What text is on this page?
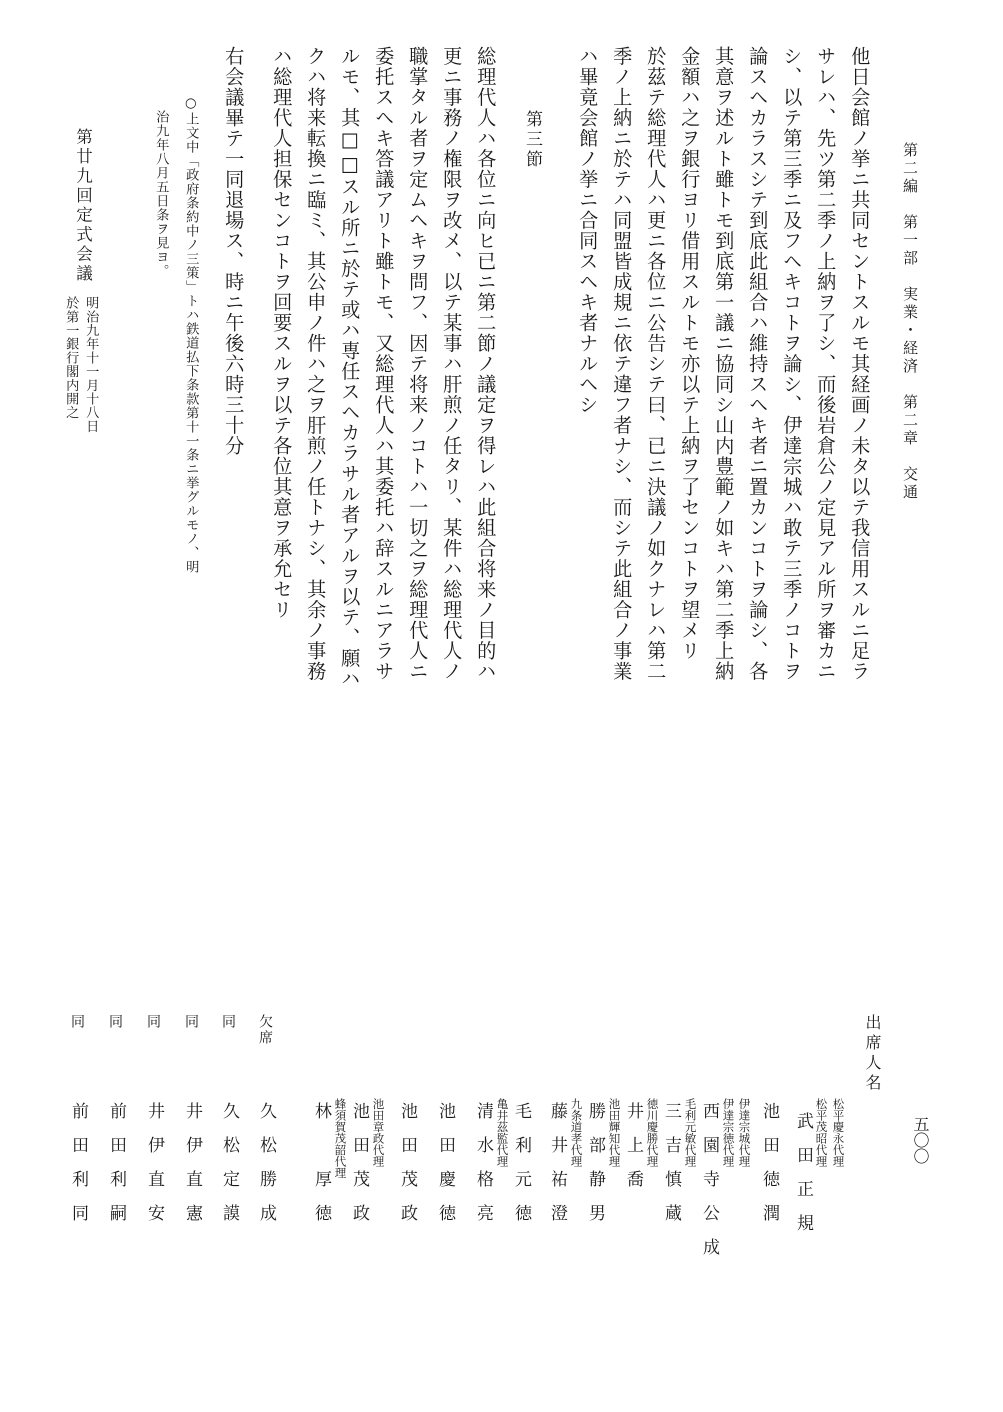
第二編　第一部　実業・経済　第二章　交通
他日会館ノ挙ニ共同セントスルモ其経画ノ未タ以テ我信用スルニ足ラ
サレハ、先ツ第二季ノ上納ヲ了シ、而後岩倉公ノ定見アル所ヲ審カニ
シ、以テ第三季ニ及フヘキコトヲ論シ、伊達宗城ハ敢テ三季ノコトヲ
論スヘカラスシテ到底此組合ハ維持スヘキ者ニ置カンコトヲ論シ、各
其意ヲ述ルト雖トモ到底第一議ニ協同シ山内豊範ノ如キハ第二季上納
金額ハ之ヲ銀行ヨリ借用スルトモ亦以テ上納ヲ了センコトヲ望メリ
於茲テ総理代人ハ更ニ各位ニ公告シテ曰、已ニ決議ノ如クナレハ第二
季ノ上納ニ於テハ同盟皆成規ニ依テ違フ者ナシ、而シテ此組合ノ事業
ハ畢竟会館ノ挙ニ合同スヘキ者ナルヘシ
第三節
総理代人ハ各位ニ向ヒ已ニ第二節ノ議定ヲ得レハ此組合将来ノ目的ハ
更ニ事務ノ権限ヲ改メ、以テ某事ハ肝煎ノ任タリ、某件ハ総理代人ノ
職掌タル者ヲ定ムヘキヲ問フ、因テ将来ノコトハ一切之ヲ総理代人ニ
委托スヘキ答議アリト雖トモ、又総理代人ハ其委托ハ辞スルニアラサ
ルモ、其□□スル所ニ於テ或ハ専任スヘカラサル者アルヲ以テ、願ハ
クハ将来転換ニ臨ミ、其公申ノ件ハ之ヲ肝煎ノ任トナシ、其余ノ事務
ハ総理代人担保センコトヲ回要スルヲ以テ各位其意ヲ承允セリ
右会議畢テ一同退場ス、時ニ午後六時三十分
○上文中「政府条約中ノ三策」トハ鉄道払下条款第十一条ニ挙グルモノ、明
治九年八月五日条ヲ見ヨ。
第廿九回定式会議
明治九年十一月十八日
於第一銀行閣内開之
五〇〇
出席人名
松平慶永代理
松平茂昭代理
武　田　正　規
池　田　徳　潤
伊達宗城代理
伊達宗徳代理
西　園　寺　公　成
毛利元敏代理
三　吉　慎　蔵
徳川慶勝代理
井　上　喬
池田輝知代理
勝　部　静　男
九条道孝代理
藤　井　祐　澄
毛　利　元　徳
亀井茲監代理
清　水　格　亮
池　田　慶　徳
池　田　茂　政
池田章政代理
池　田　茂　政
蜂須賀茂韶代理
林　　　厚　徳
欠席
久　松　勝　成
同
久　松　定　謨
同
井　伊　直　憲
同
井　伊　直　安
同
前　田　利　嗣
同
前　田　利　同
